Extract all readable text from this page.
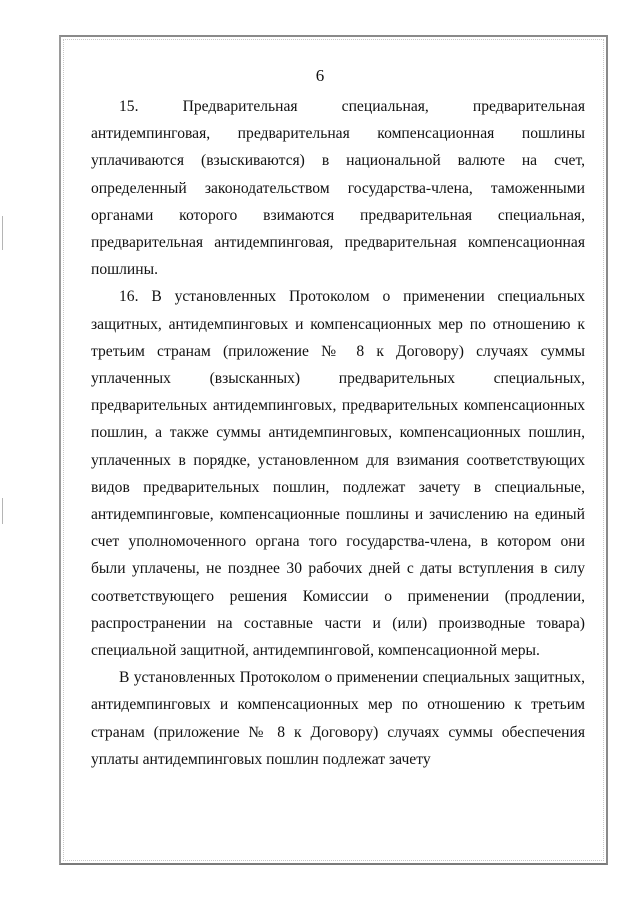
6

15. Предварительная специальная, предварительная антидемпинговая, предварительная компенсационная пошлины уплачиваются (взыскиваются) в национальной валюте на счет, определенный законодательством государства-члена, таможенными органами которого взимаются предварительная специальная, предварительная антидемпинговая, предварительная компенсационная пошлины.

16. В установленных Протоколом о применении специальных защитных, антидемпинговых и компенсационных мер по отношению к третьим странам (приложение № 8 к Договору) случаях суммы уплаченных (взысканных) предварительных специальных, предварительных антидемпинговых, предварительных компенсационных пошлин, а также суммы антидемпинговых, компенсационных пошлин, уплаченных в порядке, установленном для взимания соответствующих видов предварительных пошлин, подлежат зачету в специальные, антидемпинговые, компенсационные пошлины и зачислению на единый счет уполномоченного органа того государства-члена, в котором они были уплачены, не позднее 30 рабочих дней с даты вступления в силу соответствующего решения Комиссии о применении (продлении, распространении на составные части и (или) производные товара) специальной защитной, антидемпинговой, компенсационной меры.

В установленных Протоколом о применении специальных защитных, антидемпинговых и компенсационных мер по отношению к третьим странам (приложение № 8 к Договору) случаях суммы обеспечения уплаты антидемпинговых пошлин подлежат зачету
